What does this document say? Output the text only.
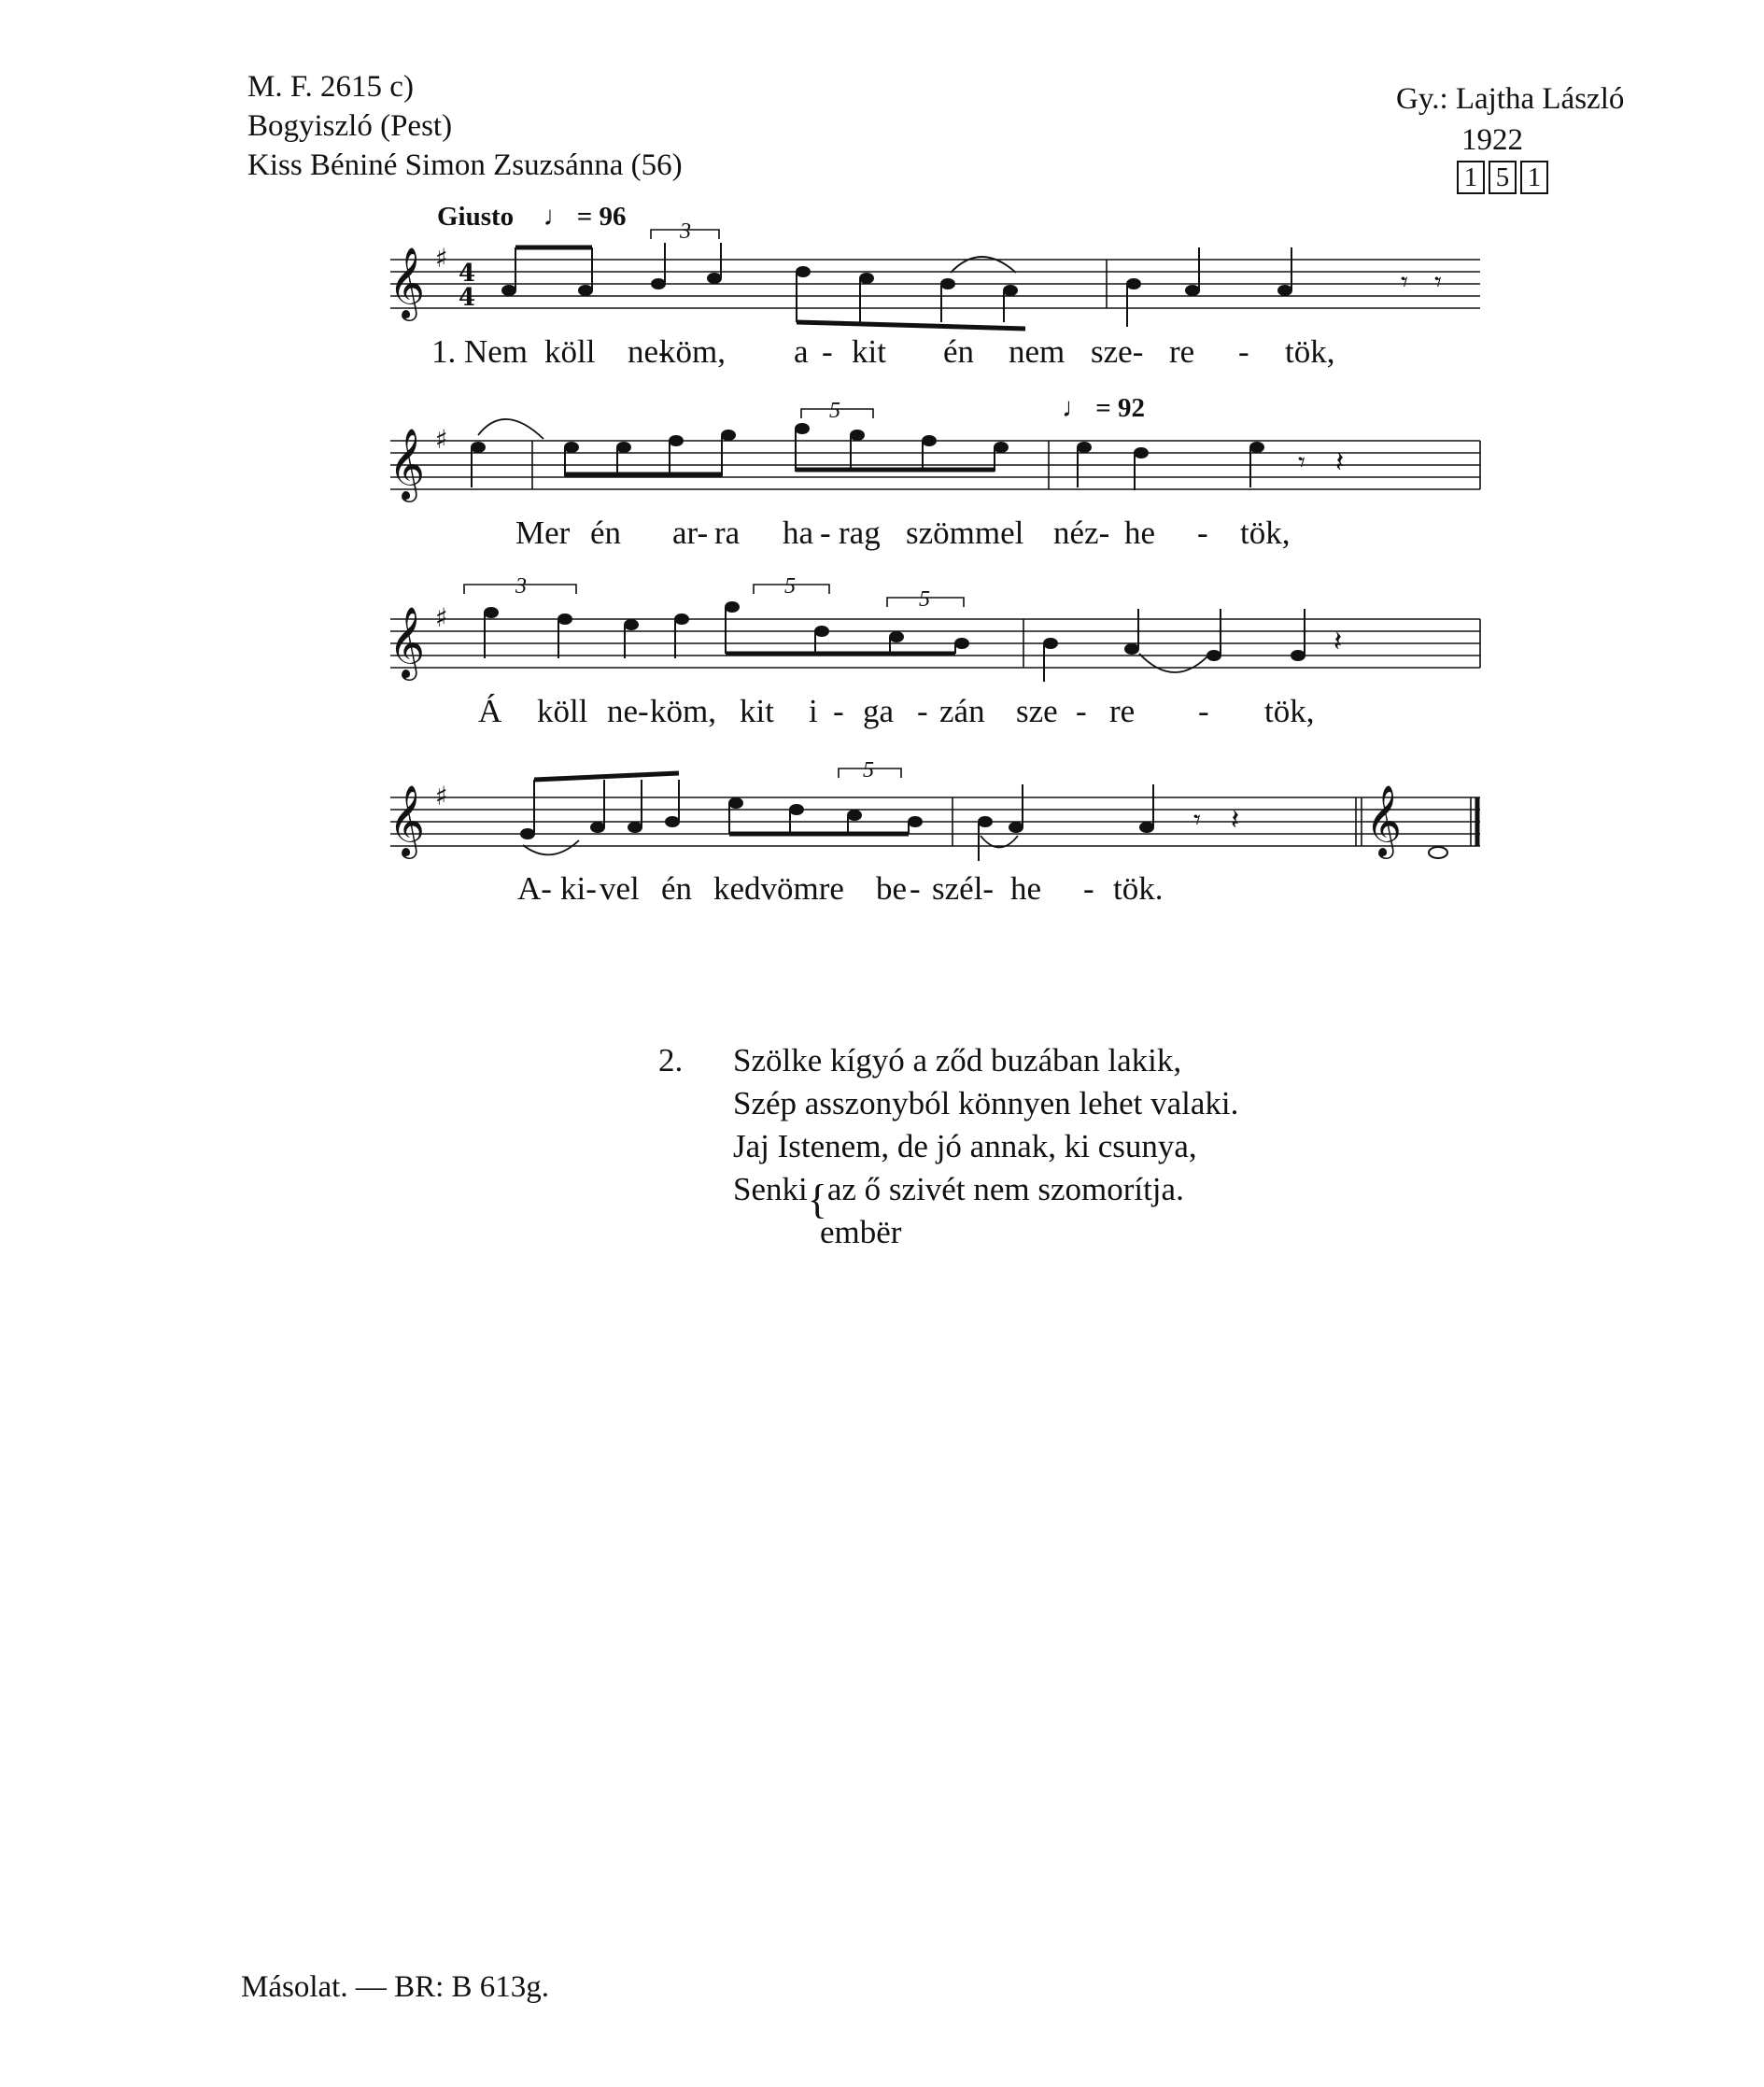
M. F. 2615 c)
Bogyiszló (Pest)
Kiss Béniné Simon Zsuzsánna (56)
Gy.: Lajtha László
1922
1 5 1
Giusto ♩ = 96
♩ = 92
𝄞
𝄞
𝄞
𝄞	𝄞
♯
♯
♯
♯
4
4	𝄾 𝄾
𝄾 𝄽
𝄽
𝄾 𝄽
3
5
3	5
5
5
1. Nem köll ne-
köm, a - kit én nem sze- re - tök,
Mer én ar- ra ha - rag szömmel néz- he - tök,
Á köll ne- köm, kit i - ga - zán sze - re - tök,
A- ki- vel én kedvömre be - szél- he - tök.
2. Szölke kígyó a ződ buzában lakik,
Szép asszonyból könnyen lehet valaki.
Jaj Istenem, de jó annak, ki csunya,
Senki{az ő szivét nem szomorítja.
embër
Másolat. — BR: B 613g.
